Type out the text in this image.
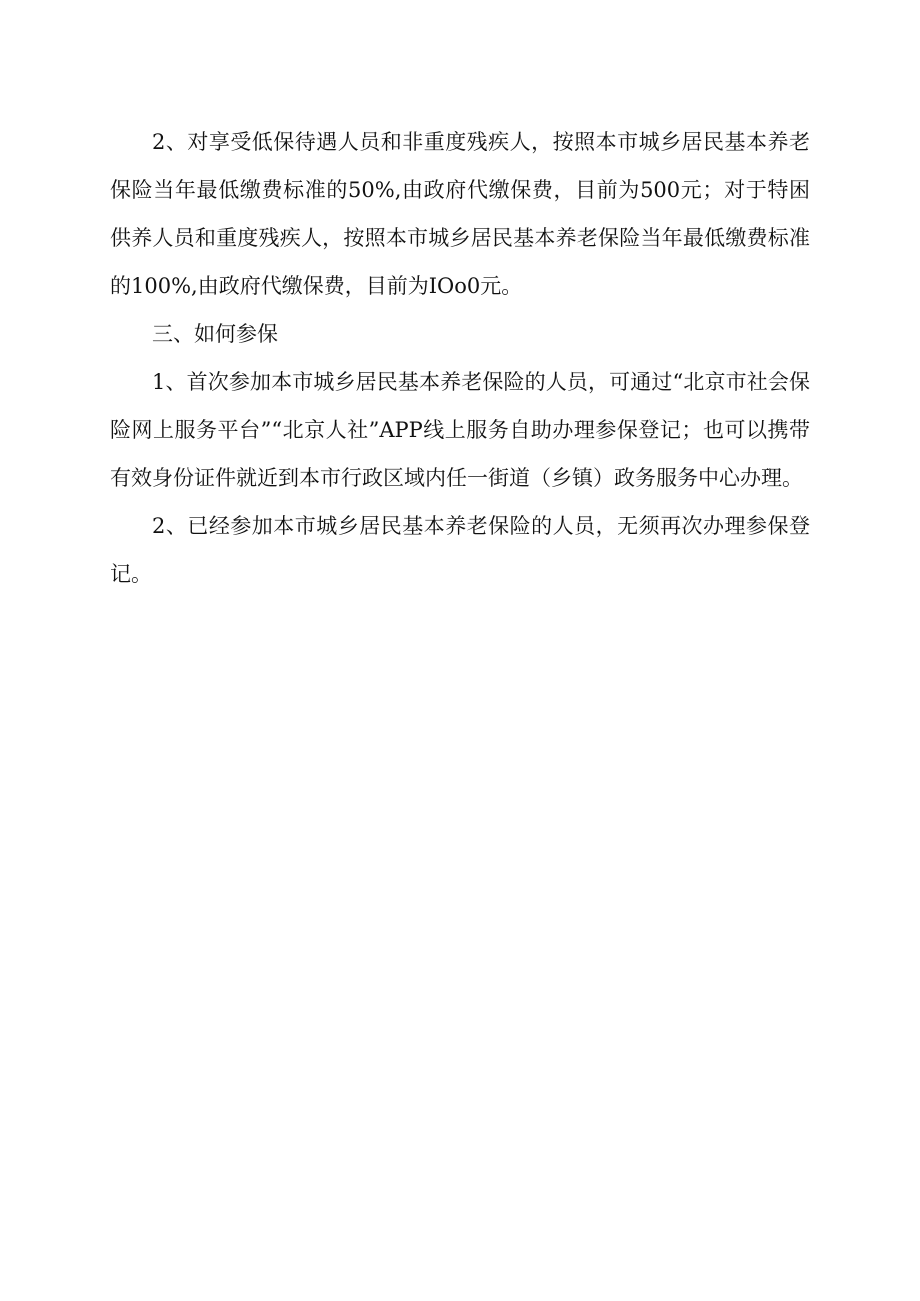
2、对享受低保待遇人员和非重度残疾人，按照本市城乡居民基本养老保险当年最低缴费标准的50%,由政府代缴保费，目前为500元；对于特困供养人员和重度残疾人，按照本市城乡居民基本养老保险当年最低缴费标准的100%,由政府代缴保费，目前为IOo0元。

三、如何参保

1、首次参加本市城乡居民基本养老保险的人员，可通过“北京市社会保险网上服务平台”“北京人社”APP线上服务自助办理参保登记；也可以携带有效身份证件就近到本市行政区域内任一街道（乡镇）政务服务中心办理。

2、已经参加本市城乡居民基本养老保险的人员，无须再次办理参保登记。
